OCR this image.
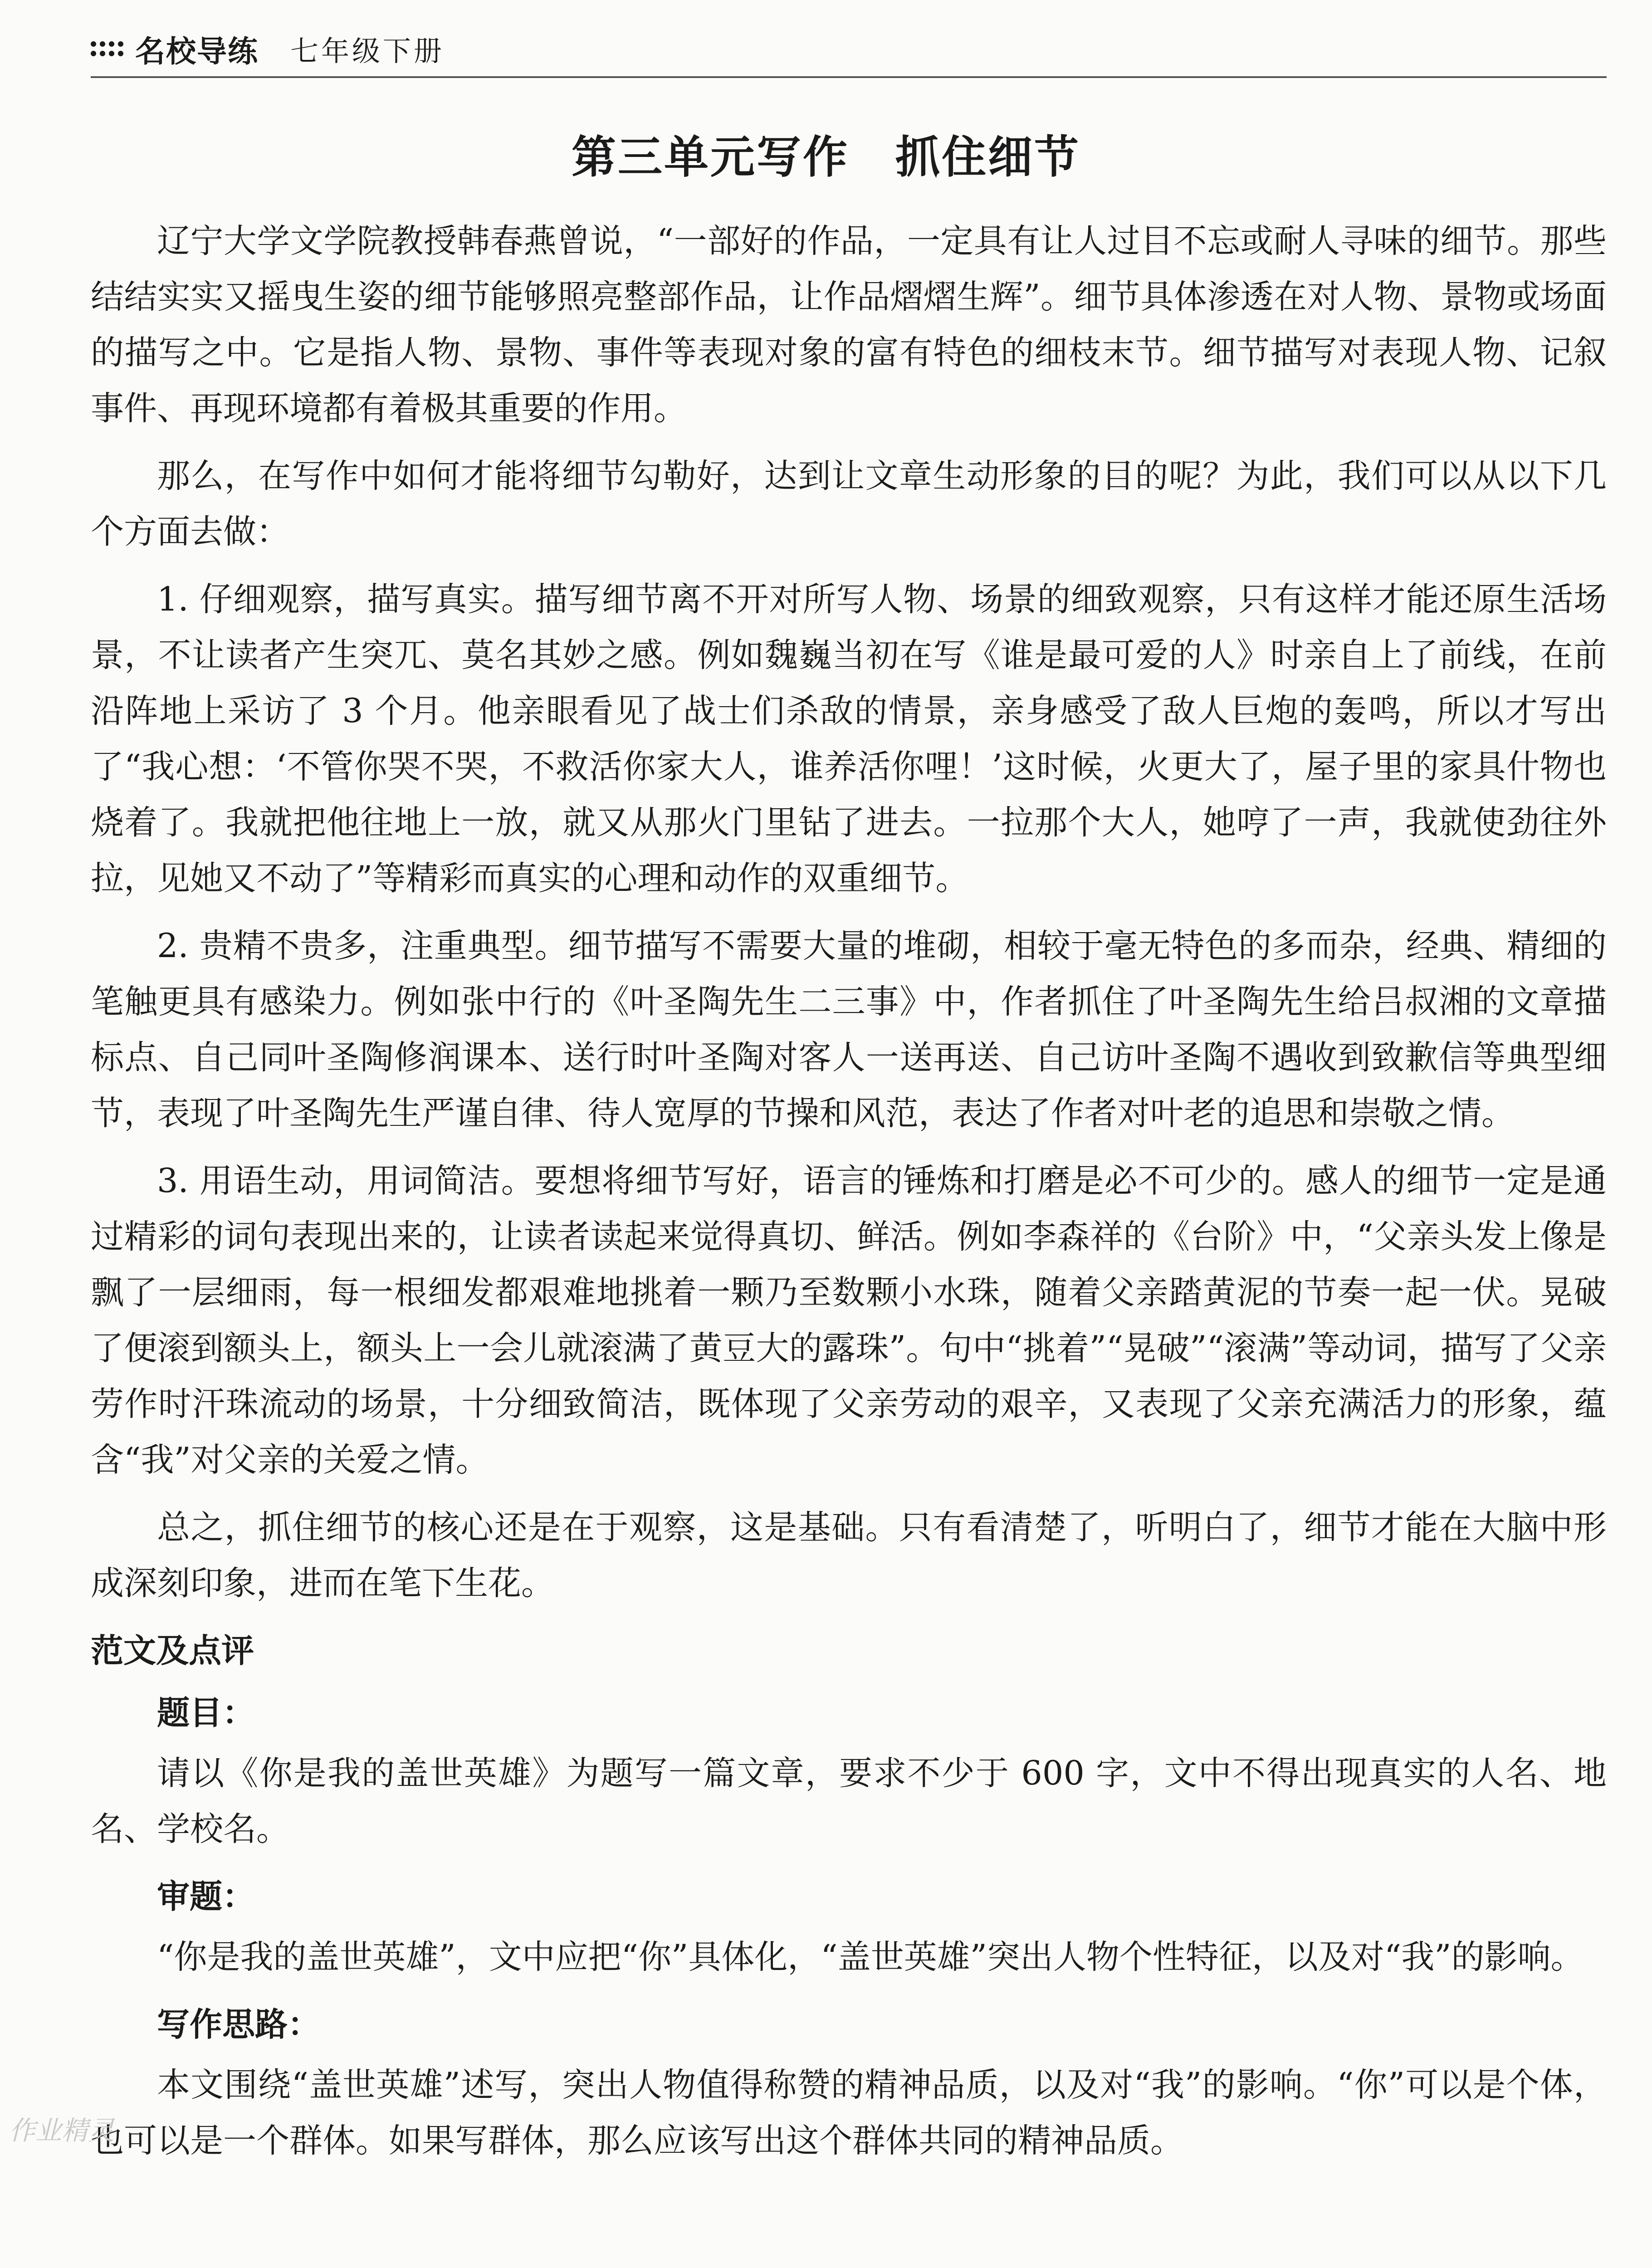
名校导练 七年级下册
第三单元写作　抓住细节

辽宁大学文学院教授韩春燕曾说，“一部好的作品，一定具有让人过目不忘或耐人寻味的细节。那些结结实实又摇曳生姿的细节能够照亮整部作品，让作品熠熠生辉”。细节具体渗透在对人物、景物或场面的描写之中。它是指人物、景物、事件等表现对象的富有特色的细枝末节。细节描写对表现人物、记叙事件、再现环境都有着极其重要的作用。

那么，在写作中如何才能将细节勾勒好，达到让文章生动形象的目的呢？为此，我们可以从以下几个方面去做：

1. 仔细观察，描写真实。描写细节离不开对所写人物、场景的细致观察，只有这样才能还原生活场景，不让读者产生突兀、莫名其妙之感。例如魏巍当初在写《谁是最可爱的人》时亲自上了前线，在前沿阵地上采访了 3 个月。他亲眼看见了战士们杀敌的情景，亲身感受了敌人巨炮的轰鸣，所以才写出了“我心想：‘不管你哭不哭，不救活你家大人，谁养活你哩！’这时候，火更大了，屋子里的家具什物也烧着了。我就把他往地上一放，就又从那火门里钻了进去。一拉那个大人，她哼了一声，我就使劲往外拉，见她又不动了”等精彩而真实的心理和动作的双重细节。

2. 贵精不贵多，注重典型。细节描写不需要大量的堆砌，相较于毫无特色的多而杂，经典、精细的笔触更具有感染力。例如张中行的《叶圣陶先生二三事》中，作者抓住了叶圣陶先生给吕叔湘的文章描标点、自己同叶圣陶修润课本、送行时叶圣陶对客人一送再送、自己访叶圣陶不遇收到致歉信等典型细节，表现了叶圣陶先生严谨自律、待人宽厚的节操和风范，表达了作者对叶老的追思和崇敬之情。

3. 用语生动，用词简洁。要想将细节写好，语言的锤炼和打磨是必不可少的。感人的细节一定是通过精彩的词句表现出来的，让读者读起来觉得真切、鲜活。例如李森祥的《台阶》中，“父亲头发上像是飘了一层细雨，每一根细发都艰难地挑着一颗乃至数颗小水珠，随着父亲踏黄泥的节奏一起一伏。晃破了便滚到额头上，额头上一会儿就滚满了黄豆大的露珠”。句中“挑着”“晃破”“滚满”等动词，描写了父亲劳作时汗珠流动的场景，十分细致简洁，既体现了父亲劳动的艰辛，又表现了父亲充满活力的形象，蕴含“我”对父亲的关爱之情。

总之，抓住细节的核心还是在于观察，这是基础。只有看清楚了，听明白了，细节才能在大脑中形成深刻印象，进而在笔下生花。

范文及点评
题目：

请以《你是我的盖世英雄》为题写一篇文章，要求不少于 600 字，文中不得出现真实的人名、地名、学校名。

审题：

“你是我的盖世英雄”，文中应把“你”具体化，“盖世英雄”突出人物个性特征，以及对“我”的影响。

写作思路：

本文围绕“盖世英雄”述写，突出人物值得称赞的精神品质，以及对“我”的影响。“你”可以是个体，也可以是一个群体。如果写群体，那么应该写出这个群体共同的精神品质。

作业精灵
